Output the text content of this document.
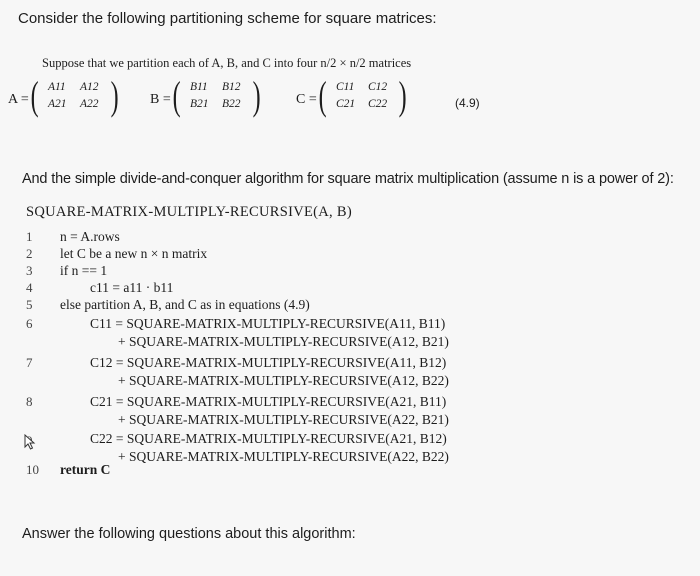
Consider the following partitioning scheme for square matrices:
Suppose that we partition each of A, B, and C into four n/2 × n/2 matrices
A = ( A11 A12
A21 A22 ) B = ( B11 B12
B21 B22 )	C = ( C11 C12
C21 C22 )	(4.9)
And the simple divide-and-conquer algorithm for square matrix multiplication (assume n is a power of 2):
SQUARE-MATRIX-MULTIPLY-RECURSIVE(A, B)
1
2
3
4
5
6
7
8
10
n = A.rows
let C be a new n × n matrix
if n == 1
c11 = a11 · b11
else partition A, B, and C as in equations (4.9)
C11 = SQUARE-MATRIX-MULTIPLY-RECURSIVE(A11, B11)
+ SQUARE-MATRIX-MULTIPLY-RECURSIVE(A12, B21)
C12 = SQUARE-MATRIX-MULTIPLY-RECURSIVE(A11, B12)
+ SQUARE-MATRIX-MULTIPLY-RECURSIVE(A12, B22)
C21 = SQUARE-MATRIX-MULTIPLY-RECURSIVE(A21, B11)
+ SQUARE-MATRIX-MULTIPLY-RECURSIVE(A22, B21)
C22 = SQUARE-MATRIX-MULTIPLY-RECURSIVE(A21, B12)
+ SQUARE-MATRIX-MULTIPLY-RECURSIVE(A22, B22)
return C
Answer the following questions about this algorithm:
